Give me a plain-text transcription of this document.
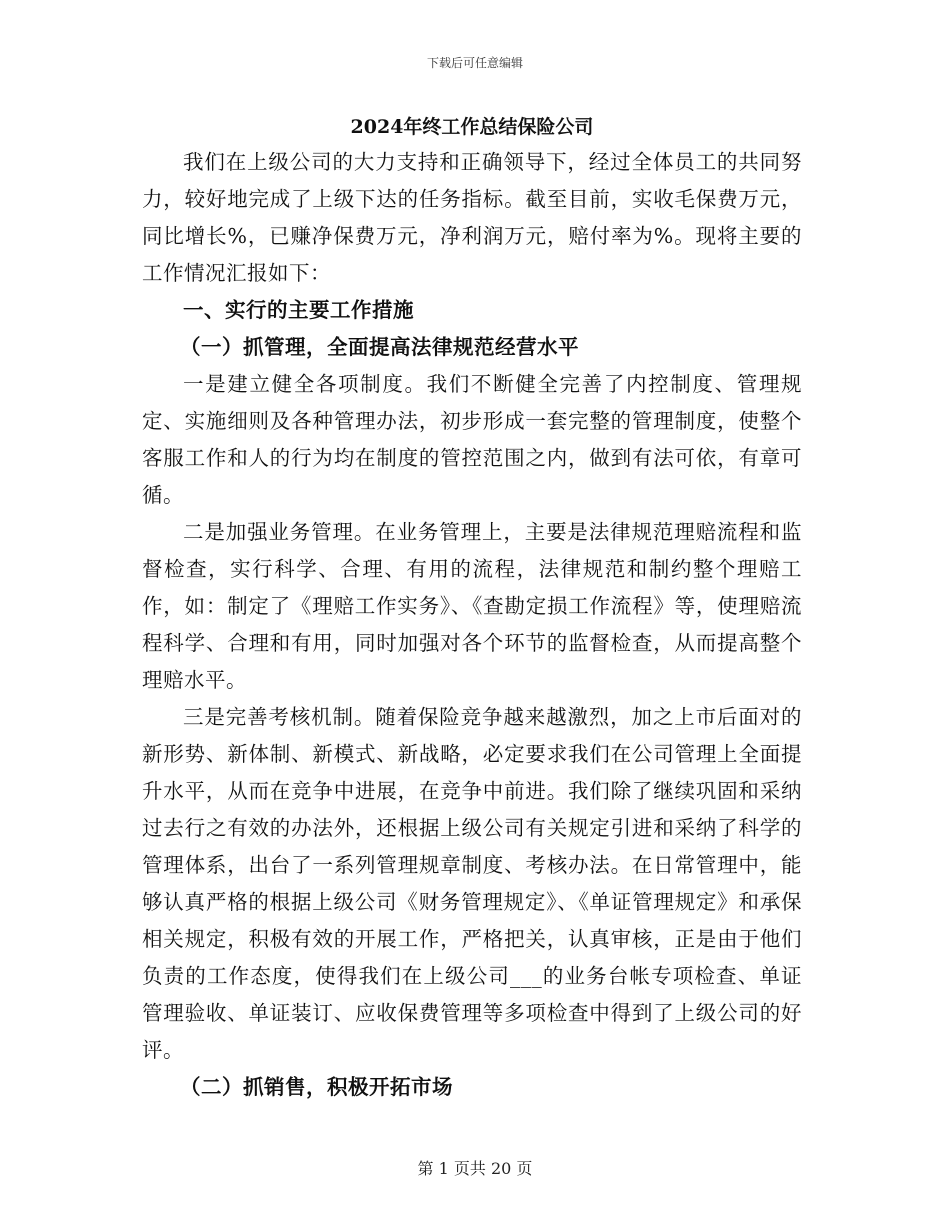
下载后可任意编辑
2024年终工作总结保险公司

我们在上级公司的大力支持和正确领导下，经过全体员工的共同努力，较好地完成了上级下达的任务指标。截至目前，实收毛保费万元，同比增长%，已赚净保费万元，净利润万元，赔付率为%。现将主要的工作情况汇报如下：

一、实行的主要工作措施

（一）抓管理，全面提高法律规范经营水平

一是建立健全各项制度。我们不断健全完善了内控制度、管理规定、实施细则及各种管理办法，初步形成一套完整的管理制度，使整个客服工作和人的行为均在制度的管控范围之内，做到有法可依，有章可循。

二是加强业务管理。在业务管理上，主要是法律规范理赔流程和监督检查，实行科学、合理、有用的流程，法律规范和制约整个理赔工作，如：制定了《理赔工作实务》、《查勘定损工作流程》等，使理赔流程科学、合理和有用，同时加强对各个环节的监督检查，从而提高整个理赔水平。

三是完善考核机制。随着保险竞争越来越激烈，加之上市后面对的新形势、新体制、新模式、新战略，必定要求我们在公司管理上全面提升水平，从而在竞争中进展，在竞争中前进。我们除了继续巩固和采纳过去行之有效的办法外，还根据上级公司有关规定引进和采纳了科学的管理体系，出台了一系列管理规章制度、考核办法。在日常管理中，能够认真严格的根据上级公司《财务管理规定》、《单证管理规定》和承保相关规定，积极有效的开展工作，严格把关，认真审核，正是由于他们负责的工作态度，使得我们在上级公司___的业务台帐专项检查、单证管理验收、单证装订、应收保费管理等多项检查中得到了上级公司的好评。

（二）抓销售，积极开拓市场

第 1 页共 20 页
